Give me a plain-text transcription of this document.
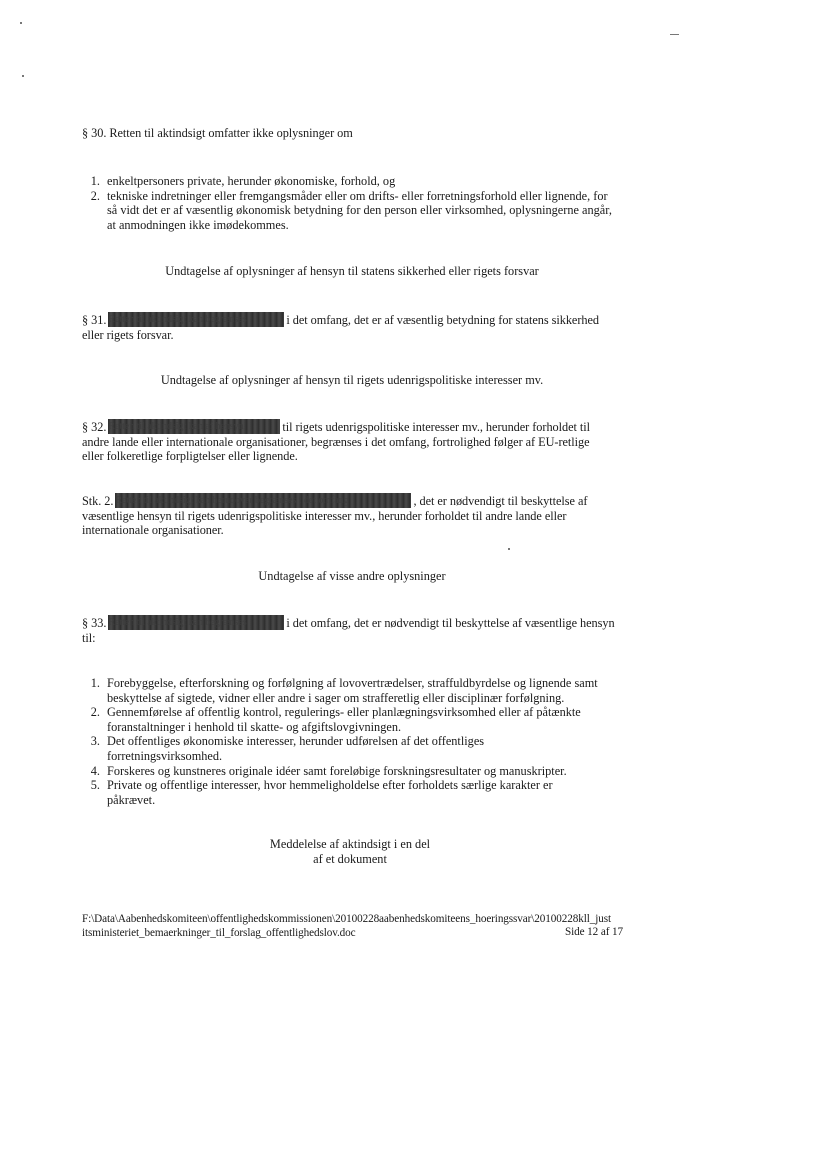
§ 30. Retten til aktindsigt omfatter ikke oplysninger om
1. enkeltpersoners private, herunder økonomiske, forhold, og
2. tekniske indretninger eller fremgangsmåder eller om drifts- eller forretningsforhold eller lignende, for så vidt det er af væsentlig økonomisk betydning for den person eller virksomhed, oplysningerne angår, at anmodningen ikke imødekommes.
Undtagelse af oplysninger af hensyn til statens sikkerhed eller rigets forsvar
§ 31. Retten til aktindsigt kan begrænses	i det omfang, det er af væsentlig betydning for statens sikkerhed eller rigets forsvar.
Undtagelse af oplysninger af hensyn til rigets udenrigspolitiske interesser mv.
§ 32. Retten til aktindsigt kan af hensyn	til rigets udenrigspolitiske interesser mv., herunder forholdet til andre lande eller internationale organisationer, begrænses i det omfang, fortrolighed følger af EU-retlige eller folkeretlige forpligtelser eller lignende.
Stk. 2. Retten til aktindsigt kan herudover begrænses i det omfang	, det er nødvendigt til beskyttelse af væsentlige hensyn til rigets udenrigspolitiske interesser mv., herunder forholdet til andre lande eller internationale organisationer.
Undtagelse af visse andre oplysninger
§ 33. Retten til aktindsigt kan begrænses	i det omfang, det er nødvendigt til beskyttelse af væsentlige hensyn til:
1. Forebyggelse, efterforskning og forfølgning af lovovertrædelser, straffuldbyrdelse og lignende samt beskyttelse af sigtede, vidner eller andre i sager om strafferetlig eller disciplinær forfølgning.
2. Gennemførelse af offentlig kontrol, regulerings- eller planlægningsvirksomhed eller af påtænkte foranstaltninger i henhold til skatte- og afgiftslovgivningen.
3. Det offentliges økonomiske interesser, herunder udførelsen af det offentliges forretningsvirksomhed.
4. Forskeres og kunstneres originale idéer samt foreløbige forskningsresultater og manuskripter.
5. Private og offentlige interesser, hvor hemmeligholdelse efter forholdets særlige karakter er påkrævet.
Meddelelse af aktindsigt i en del
af et dokument
F:\Data\Aabenhedskomiteen\offentlighedskommissionen\20100228aabenhedskomiteens_hoeringssvar\20100228kll_just
itsministeriet_bemaerkninger_til_forslag_offentlighedslov.doc	Side 12 af 17
